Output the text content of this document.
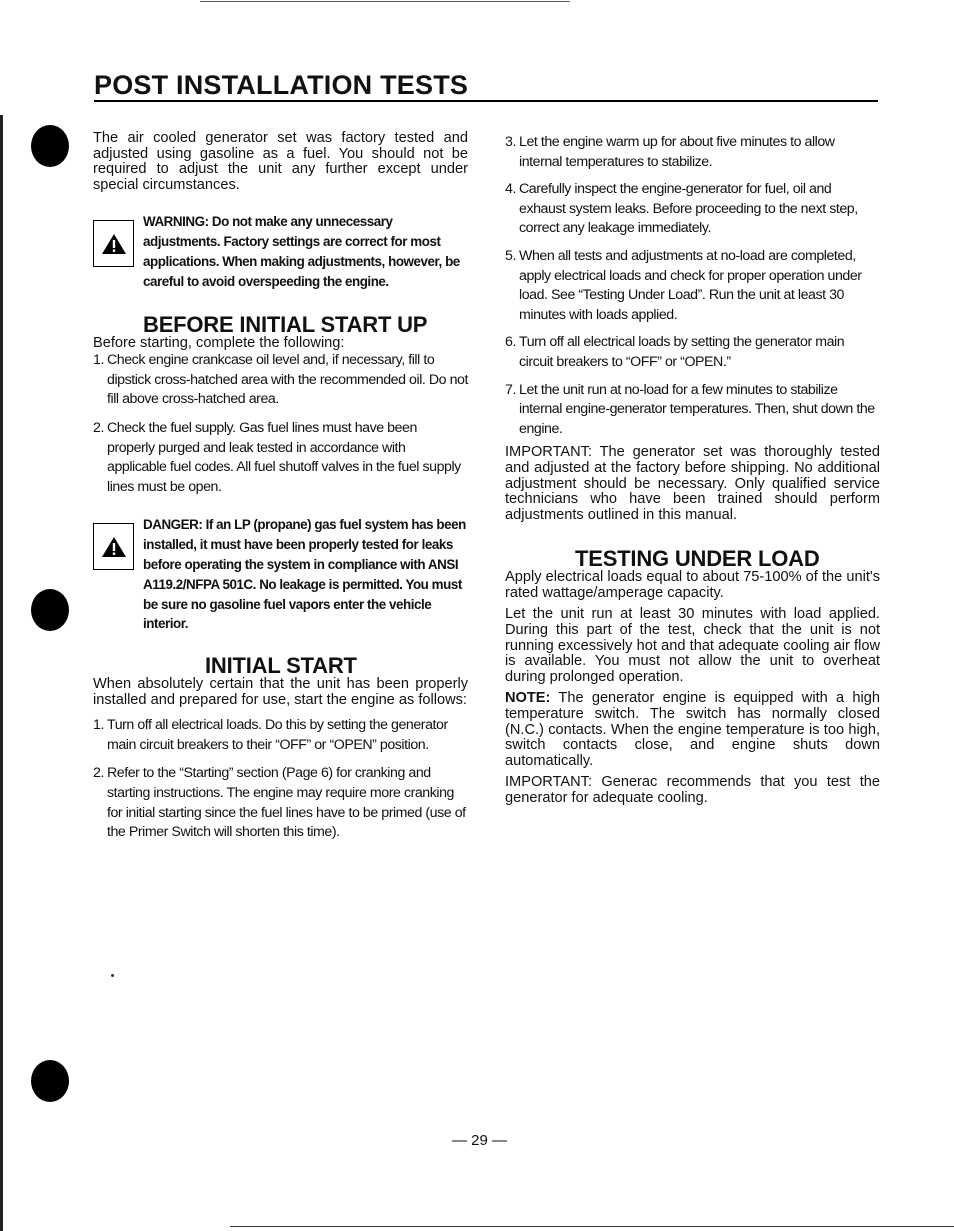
POST INSTALLATION TESTS

The air cooled generator set was factory tested and adjusted using gasoline as a fuel. You should not be required to adjust the unit any further except under special circumstances.

WARNING: Do not make any unnecessary adjustments. Factory settings are correct for most applications. When making adjustments, however, be careful to avoid overspeeding the engine.

BEFORE INITIAL START UP

Before starting, complete the following:

1. Check engine crankcase oil level and, if necessary, fill to dipstick cross-hatched area with the recommended oil. Do not fill above cross-hatched area.
2. Check the fuel supply. Gas fuel lines must have been properly purged and leak tested in accordance with applicable fuel codes. All fuel shutoff valves in the fuel supply lines must be open.

DANGER: If an LP (propane) gas fuel system has been installed, it must have been properly tested for leaks before operating the system in compliance with ANSI A119.2/NFPA 501C. No leakage is permitted. You must be sure no gasoline fuel vapors enter the vehicle interior.

INITIAL START

When absolutely certain that the unit has been properly installed and prepared for use, start the engine as follows:

1. Turn off all electrical loads. Do this by setting the generator main circuit breakers to their “OFF” or “OPEN” position.
2. Refer to the “Starting” section (Page 6) for cranking and starting instructions. The engine may require more cranking for initial starting since the fuel lines have to be primed (use of the Primer Switch will shorten this time).
3. Let the engine warm up for about five minutes to allow internal temperatures to stabilize.
4. Carefully inspect the engine-generator for fuel, oil and exhaust system leaks. Before proceeding to the next step, correct any leakage immediately.
5. When all tests and adjustments at no-load are completed, apply electrical loads and check for proper operation under load. See “Testing Under Load”. Run the unit at least 30 minutes with loads applied.
6. Turn off all electrical loads by setting the generator main circuit breakers to “OFF” or “OPEN.”
7. Let the unit run at no-load for a few minutes to stabilize internal engine-generator temperatures. Then, shut down the engine.

IMPORTANT: The generator set was thoroughly tested and adjusted at the factory before shipping. No additional adjustment should be necessary. Only qualified service technicians who have been trained should perform adjustments outlined in this manual.

TESTING UNDER LOAD

Apply electrical loads equal to about 75-100% of the unit's rated wattage/amperage capacity.

Let the unit run at least 30 minutes with load applied. During this part of the test, check that the unit is not running excessively hot and that adequate cooling air flow is available. You must not allow the unit to overheat during prolonged operation.

NOTE: The generator engine is equipped with a high temperature switch. The switch has normally closed (N.C.) contacts. When the engine temperature is too high, switch contacts close, and engine shuts down automatically.

IMPORTANT: Generac recommends that you test the generator for adequate cooling.

— 29 —
